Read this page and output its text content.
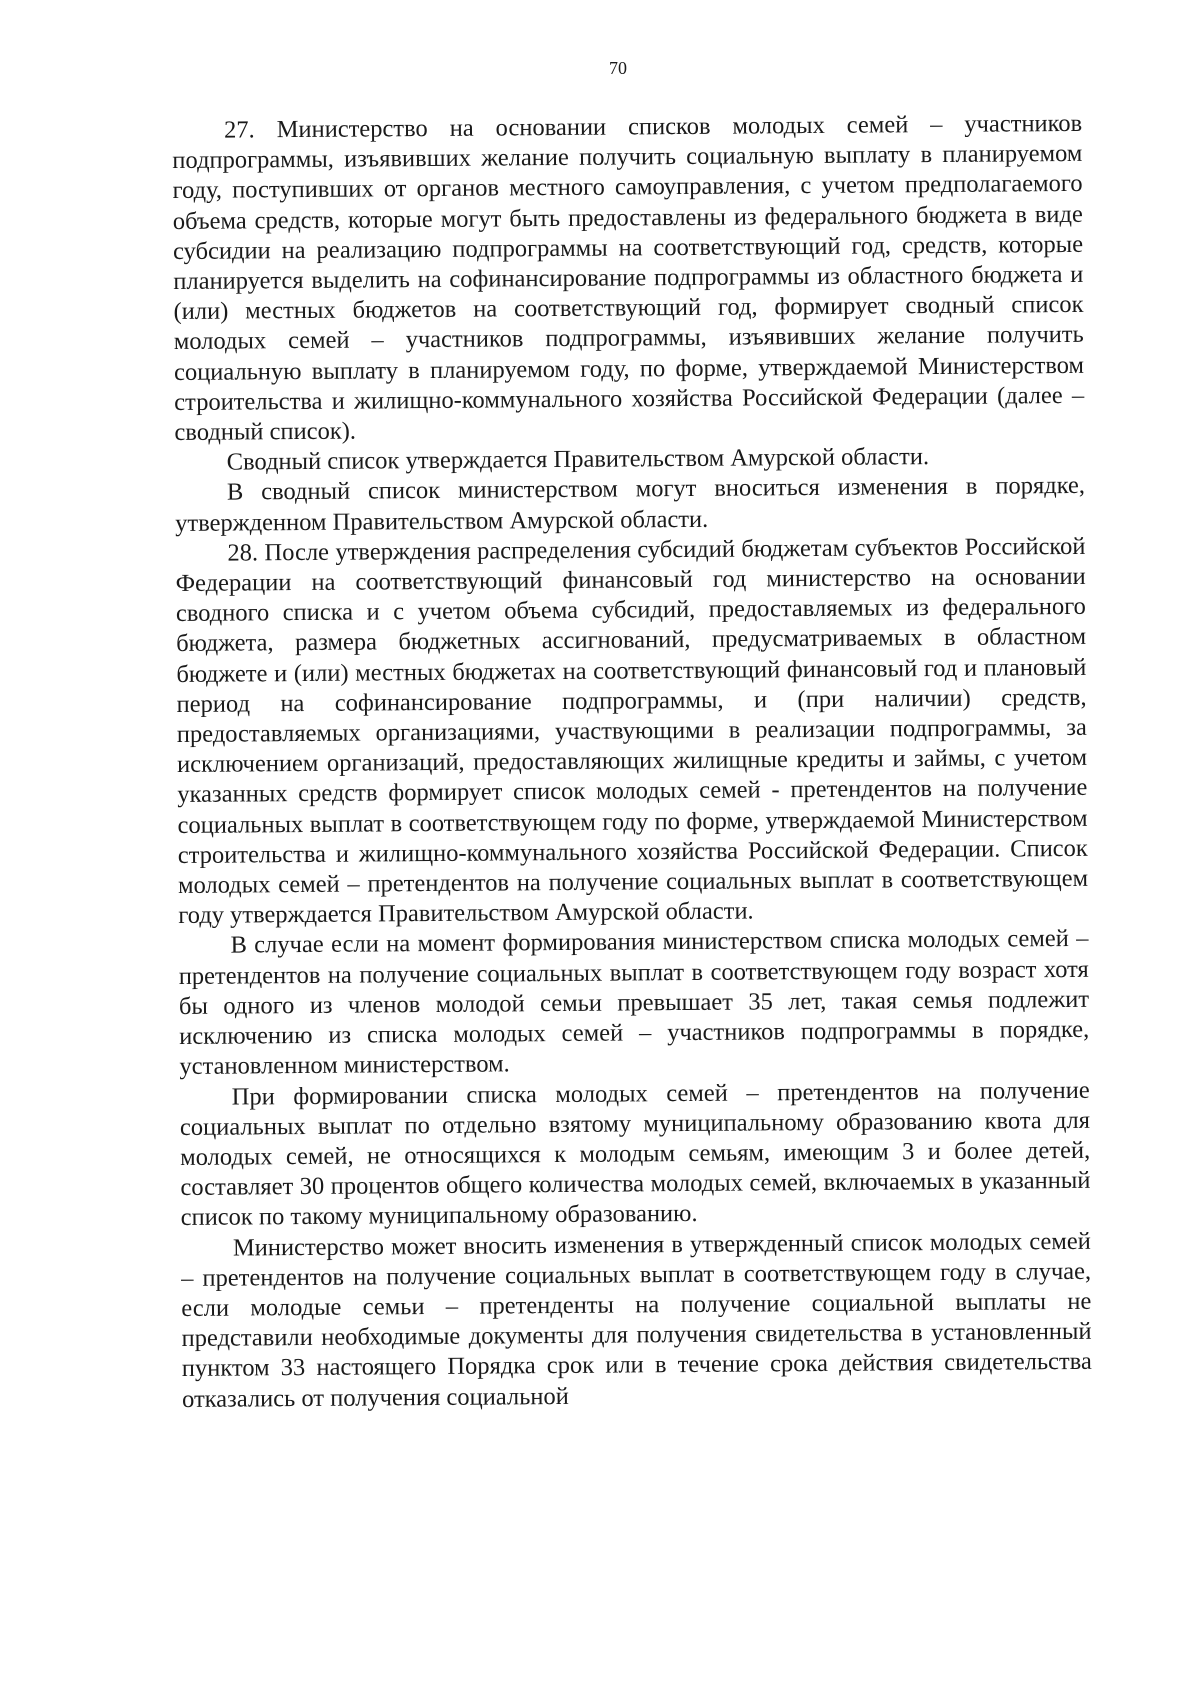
70

27. Министерство на основании списков молодых семей – участников подпрограммы, изъявивших желание получить социальную выплату в планируемом году, поступивших от органов местного самоуправления, с учетом предполагаемого объема средств, которые могут быть предоставлены из федерального бюджета в виде субсидии на реализацию подпрограммы на соответствующий год, средств, которые планируется выделить на софинансирование подпрограммы из областного бюджета и (или) местных бюджетов на соответствующий год, формирует сводный список молодых семей – участников подпрограммы, изъявивших желание получить социальную выплату в планируемом году, по форме, утверждаемой Министерством строительства и жилищно-коммунального хозяйства Российской Федерации (далее – сводный список).

Сводный список утверждается Правительством Амурской области.

В сводный список министерством могут вноситься изменения в порядке, утвержденном Правительством Амурской области.

28. После утверждения распределения субсидий бюджетам субъектов Российской Федерации на соответствующий финансовый год министерство на основании сводного списка и с учетом объема субсидий, предоставляемых из федерального бюджета, размера бюджетных ассигнований, предусматриваемых в областном бюджете и (или) местных бюджетах на соответствующий финансовый год и плановый период на софинансирование подпрограммы, и (при наличии) средств, предоставляемых организациями, участвующими в реализации подпрограммы, за исключением организаций, предоставляющих жилищные кредиты и займы, с учетом указанных средств формирует список молодых семей - претендентов на получение социальных выплат в соответствующем году по форме, утверждаемой Министерством строительства и жилищно-коммунального хозяйства Российской Федерации. Список молодых семей – претендентов на получение социальных выплат в соответствующем году утверждается Правительством Амурской области.

В случае если на момент формирования министерством списка молодых семей – претендентов на получение социальных выплат в соответствующем году возраст хотя бы одного из членов молодой семьи превышает 35 лет, такая семья подлежит исключению из списка молодых семей – участников подпрограммы в порядке, установленном министерством.

При формировании списка молодых семей – претендентов на получение социальных выплат по отдельно взятому муниципальному образованию квота для молодых семей, не относящихся к молодым семьям, имеющим 3 и более детей, составляет 30 процентов общего количества молодых семей, включаемых в указанный список по такому муниципальному образованию.

Министерство может вносить изменения в утвержденный список молодых семей – претендентов на получение социальных выплат в соответствующем году в случае, если молодые семьи – претенденты на получение социальной выплаты не представили необходимые документы для получения свидетельства в установленный пунктом 33 настоящего Порядка срок или в течение срока действия свидетельства отказались от получения социальной
